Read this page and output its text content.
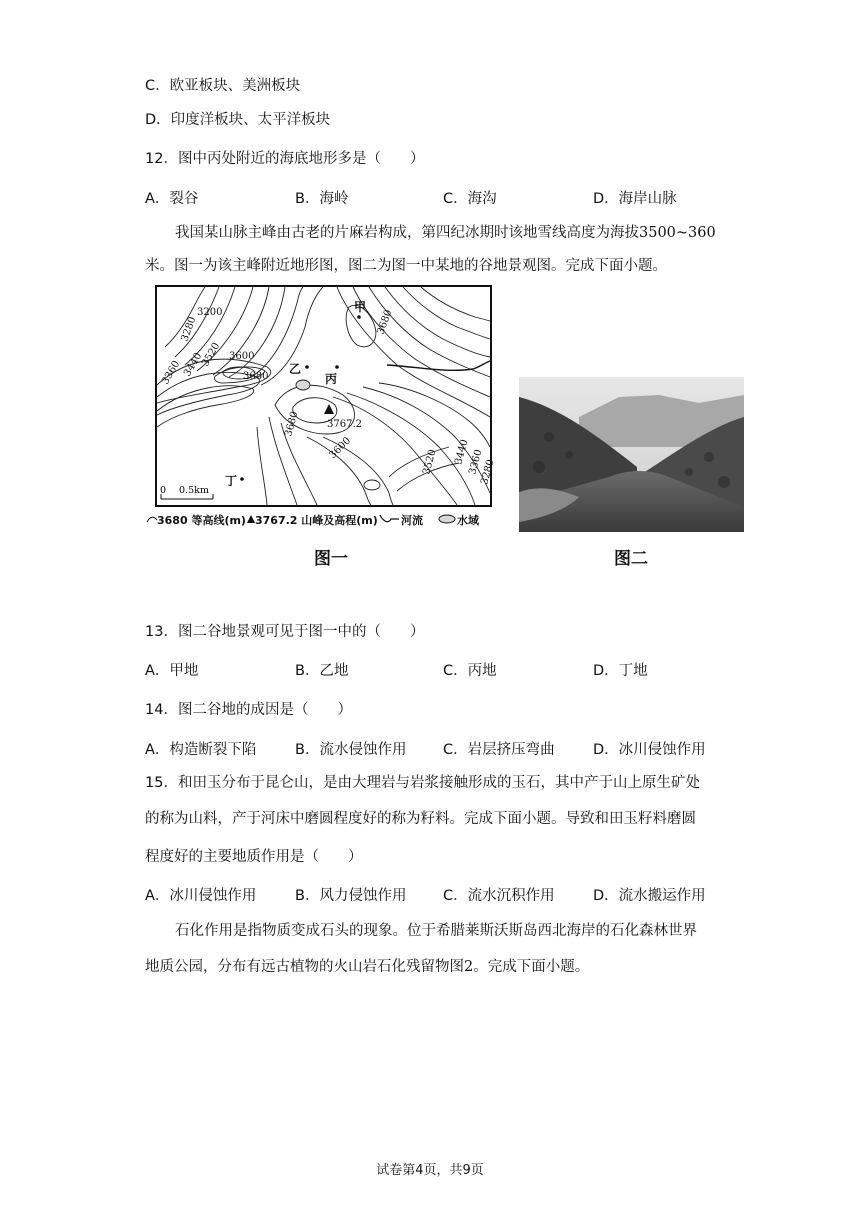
C．欧亚板块、美洲板块
D．印度洋板块、太平洋板块
12．图中丙处附近的海底地形多是（　　）
A．裂谷	B．海岭	C．海沟	D．海岸山脉
我国某山脉主峰由古老的片麻岩构成，第四纪冰期时该地雪线高度为海拔3500~360
米。图一为该主峰附近地形图，图二为图一中某地的谷地景观图。完成下面小题。
3200
3280
3600
3360 3440
3520
3680
3680
3680
3600
3360
3440
3520	3280
3767.2
甲
乙
丙
丁
0 0.5km
3680 等高线(m) 3767.2 山峰及高程(m) 河流	水域
图一	图二
13．图二谷地景观可见于图一中的（　　）
A．甲地	B．乙地	C．丙地	D．丁地
14．图二谷地的成因是（　　）
A．构造断裂下陷	B．流水侵蚀作用	C．岩层挤压弯曲	D．冰川侵蚀作用
15．和田玉分布于昆仑山，是由大理岩与岩浆接触形成的玉石，其中产于山上原生矿处
的称为山料，产于河床中磨圆程度好的称为籽料。完成下面小题。导致和田玉籽料磨圆
程度好的主要地质作用是（　　）
A．冰川侵蚀作用	B．风力侵蚀作用	C．流水沉积作用	D．流水搬运作用
石化作用是指物质变成石头的现象。位于希腊莱斯沃斯岛西北海岸的石化森林世界
地质公园，分布有远古植物的火山岩石化残留物图2。完成下面小题。
试卷第4页，共9页
